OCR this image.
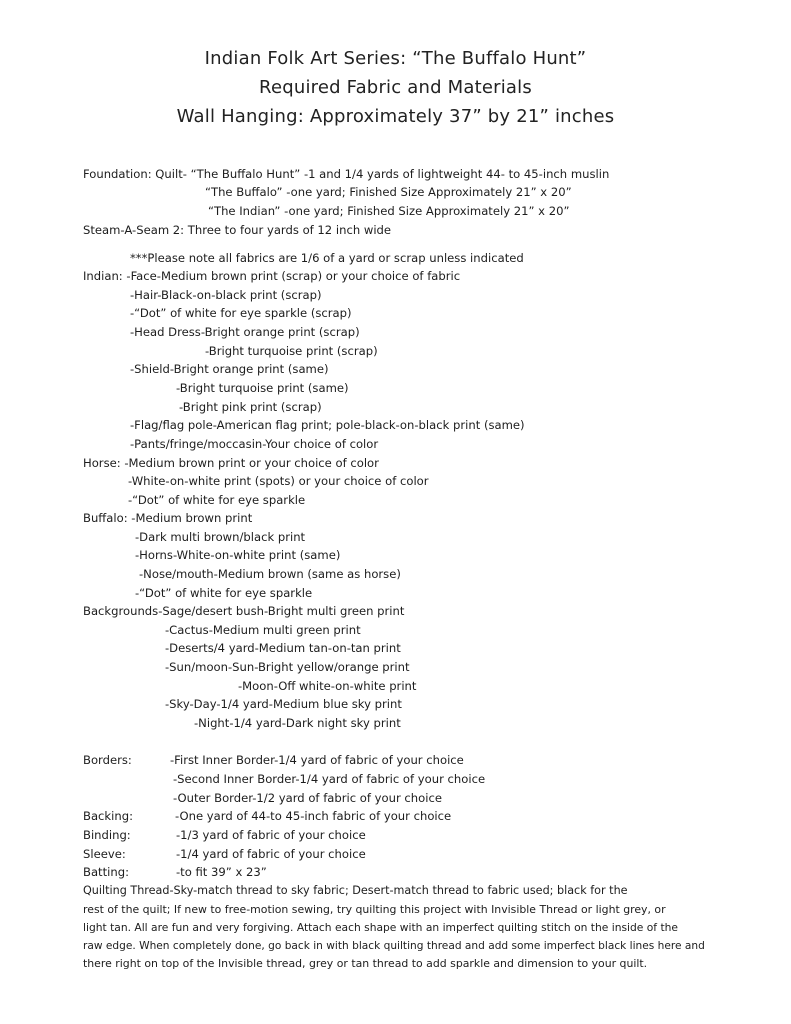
Indian Folk Art Series: “The Buffalo Hunt”
Required Fabric and Materials
Wall Hanging: Approximately 37” by 21” inches
Foundation: Quilt- “The Buffalo Hunt” -1 and 1/4 yards of lightweight 44- to 45-inch muslin
“The Buffalo” -one yard; Finished Size Approximately 21” x 20”
“The Indian” -one yard; Finished Size Approximately 21” x 20”
Steam-A-Seam 2: Three to four yards of 12 inch wide
***Please note all fabrics are 1/6 of a yard or scrap unless indicated
Indian: -Face-Medium brown print (scrap) or your choice of fabric
-Hair-Black-on-black print (scrap)
-“Dot” of white for eye sparkle (scrap)
-Head Dress-Bright orange print (scrap)
-Bright turquoise print (scrap)
-Shield-Bright orange print (same)
-Bright turquoise print (same)
-Bright pink print (scrap)
-Flag/flag pole-American flag print; pole-black-on-black print (same)
-Pants/fringe/moccasin-Your choice of color
Horse: -Medium brown print or your choice of color
-White-on-white print (spots) or your choice of color
-“Dot” of white for eye sparkle
Buffalo: -Medium brown print
-Dark multi brown/black print
-Horns-White-on-white print (same)
-Nose/mouth-Medium brown (same as horse)
-“Dot” of white for eye sparkle
Backgrounds-Sage/desert bush-Bright multi green print
-Cactus-Medium multi green print
-Deserts/4 yard-Medium tan-on-tan print
-Sun/moon-Sun-Bright yellow/orange print
-Moon-Off white-on-white print
-Sky-Day-1/4 yard-Medium blue sky print
-Night-1/4 yard-Dark night sky print
Borders:	-First Inner Border-1/4 yard of fabric of your choice
-Second Inner Border-1/4 yard of fabric of your choice
-Outer Border-1/2 yard of fabric of your choice
Backing:	-One yard of 44-to 45-inch fabric of your choice
Binding:	-1/3 yard of fabric of your choice
Sleeve:	-1/4 yard of fabric of your choice
Batting:	-to fit 39” x 23”
Quilting Thread-Sky-match thread to sky fabric; Desert-match thread to fabric used; black for the
rest of the quilt; If new to free-motion sewing, try quilting this project with Invisible Thread or light grey, or
light tan. All are fun and very forgiving. Attach each shape with an imperfect quilting stitch on the inside of the
raw edge. When completely done, go back in with black quilting thread and add some imperfect black lines here and
there right on top of the Invisible thread, grey or tan thread to add sparkle and dimension to your quilt.
